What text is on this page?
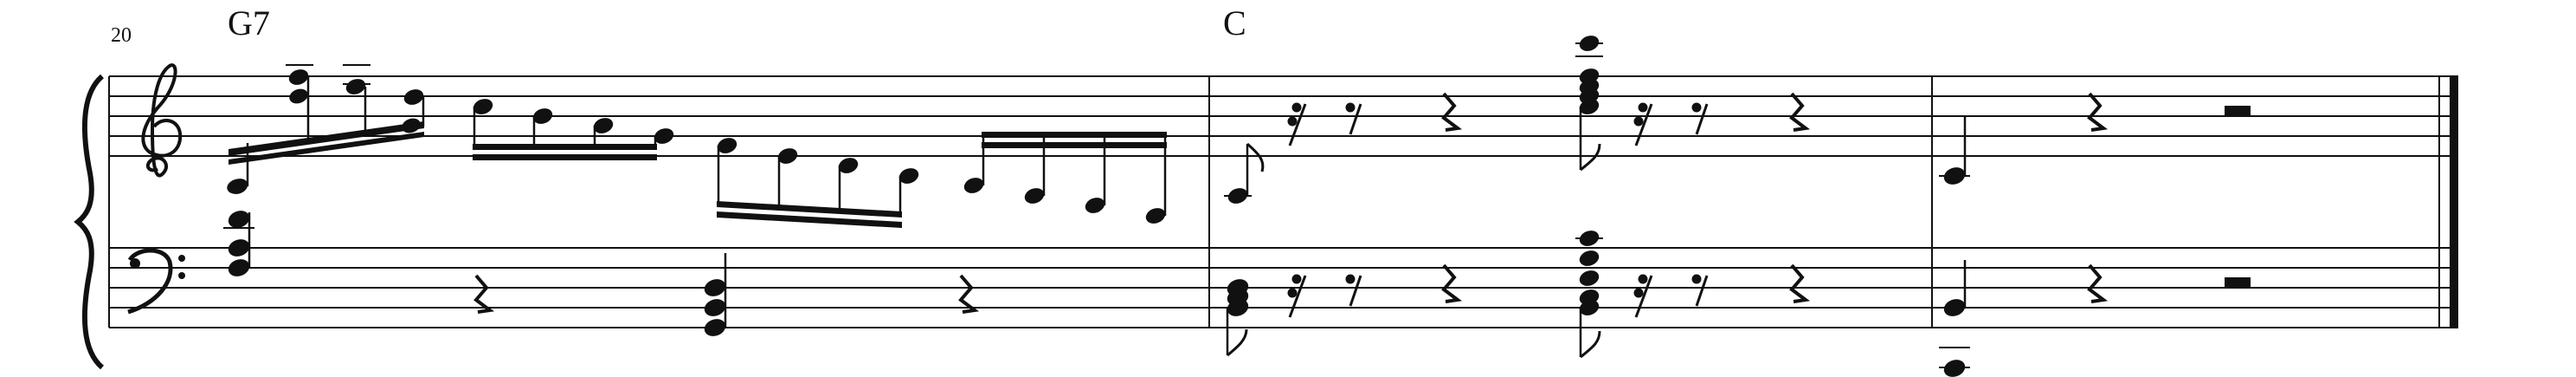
20	G7	C
